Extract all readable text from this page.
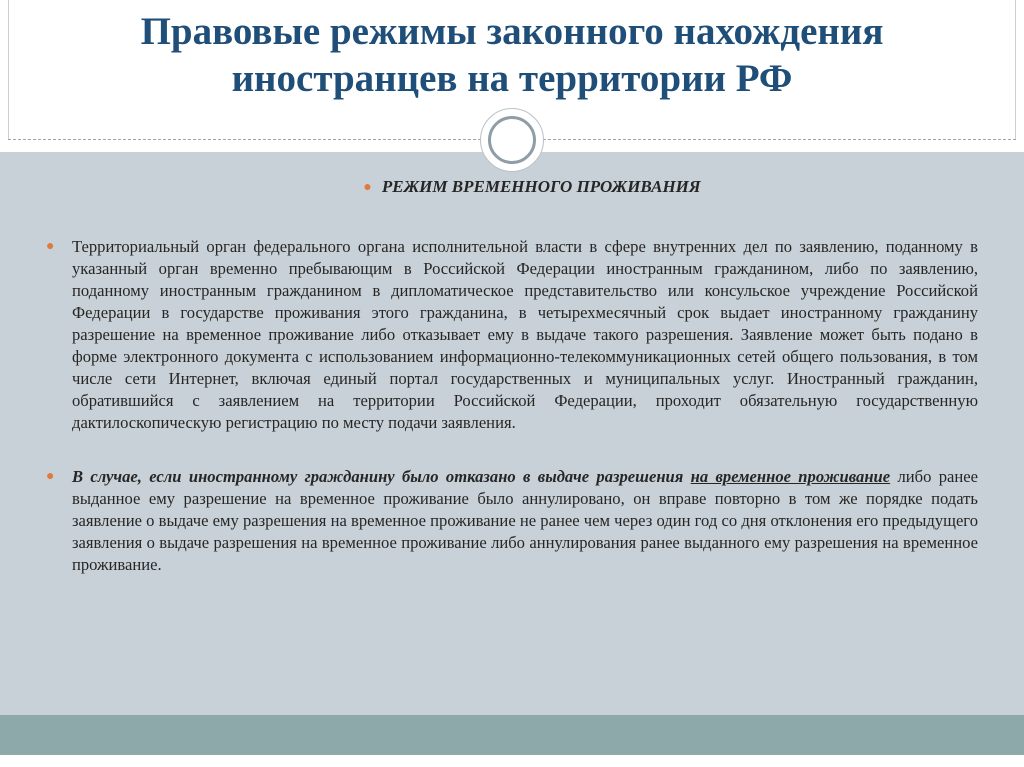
Правовые режимы законного нахождения
иностранцев на территории РФ
● РЕЖИМ ВРЕМЕННОГО ПРОЖИВАНИЯ
● Территориальный орган федерального органа исполнительной власти в сфере внутренних дел по заявлению, поданному в указанный орган временно пребывающим в Российской Федерации иностранным гражданином, либо по заявлению, поданному иностранным гражданином в дипломатическое представительство или консульское учреждение Российской Федерации в государстве проживания этого гражданина, в четырехмесячный срок выдает иностранному гражданину разрешение на временное проживание либо отказывает ему в выдаче такого разрешения. Заявление может быть подано в форме электронного документа с использованием информационно-телекоммуникационных сетей общего пользования, в том числе сети Интернет, включая единый портал государственных и муниципальных услуг. Иностранный гражданин, обратившийся с заявлением на территории Российской Федерации, проходит обязательную государственную дактилоскопическую регистрацию по месту подачи заявления.
● В случае, если иностранному гражданину было отказано в выдаче разрешения на временное проживание либо ранее выданное ему разрешение на временное проживание было аннулировано, он вправе повторно в том же порядке подать заявление о выдаче ему разрешения на временное проживание не ранее чем через один год со дня отклонения его предыдущего заявления о выдаче разрешения на временное проживание либо аннулирования ранее выданного ему разрешения на временное проживание.
